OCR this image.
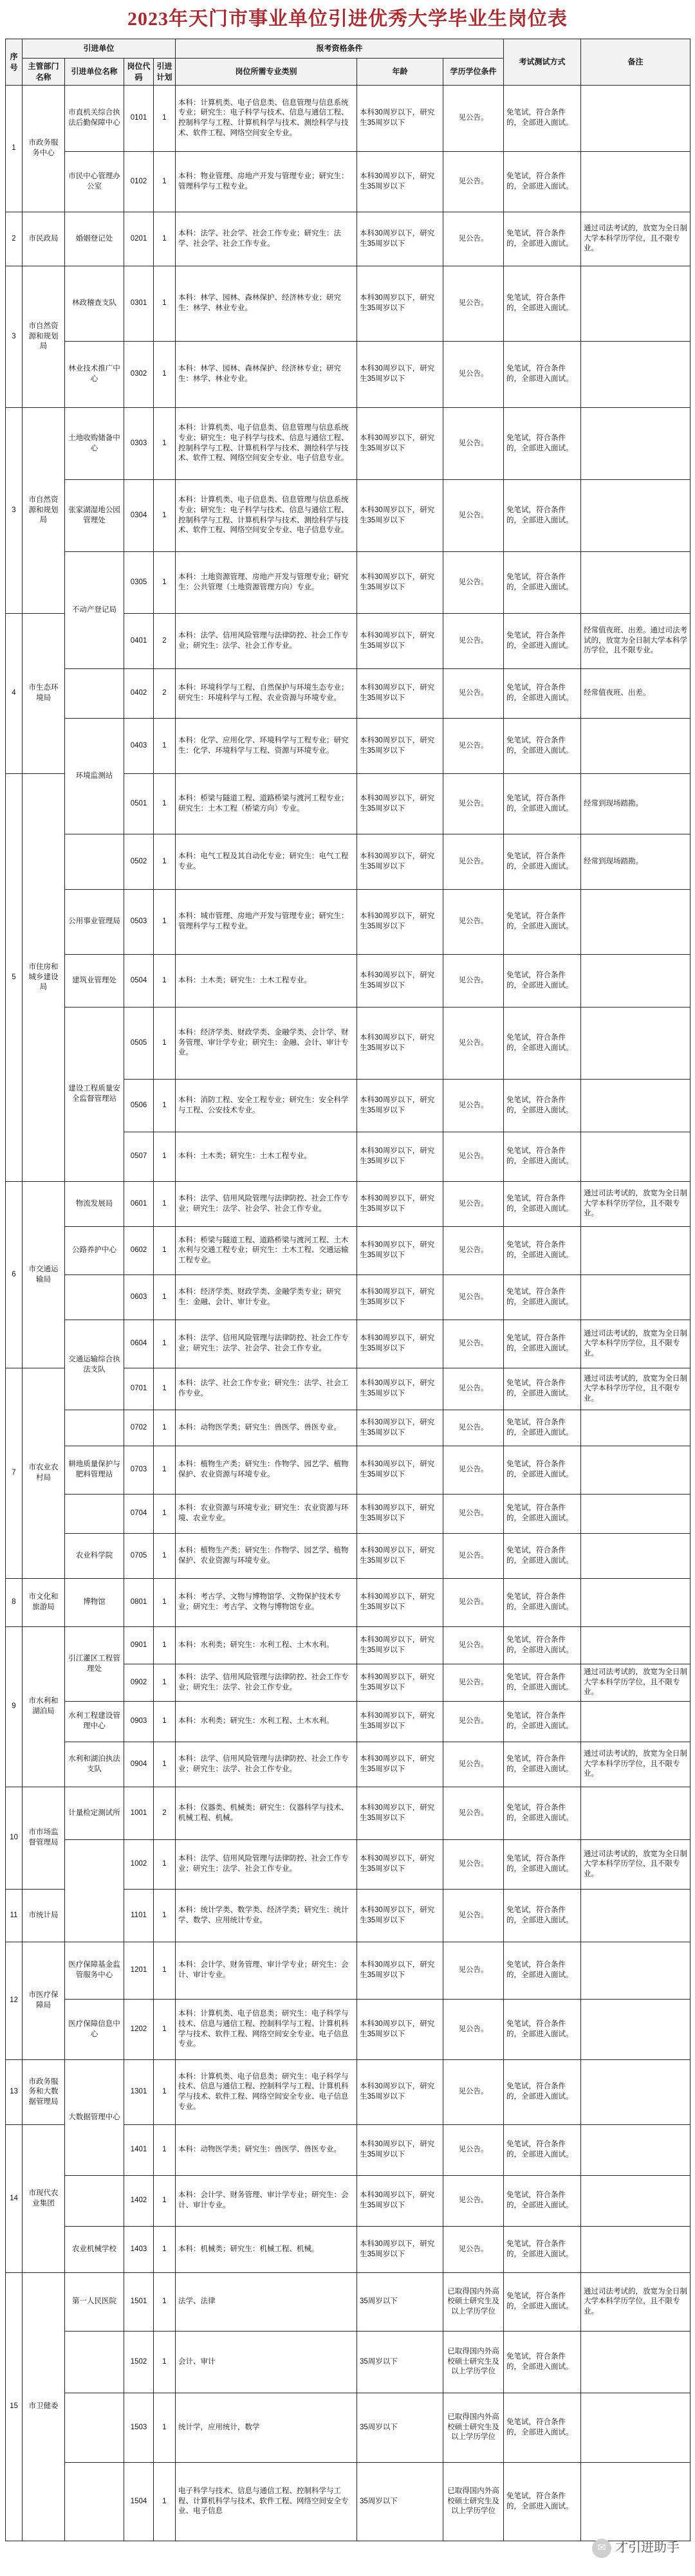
2023年天门市事业单位引进优秀大学毕业生岗位表
序号	引进单位				报考资格条件			考试测试方式	备注
	主管部门名称	引进单位名称	岗位代码	引进计划	岗位所需专业类别	年龄	学历学位条件		
1	市政务服务中心	市直机关综合执法后勤保障中心	0101	1	本科：计算机类、电子信息类、信息管理与信息系统专业；研究生：电子科学与技术、信息与通信工程、控制科学与工程、计算机科学与技术、测绘科学与技术、软件工程、网络空间安全专业。	本科30周岁以下，研究生35周岁以下	见公告。	免笔试，符合条件的，全部进入面试。	
		市民中心管理办公室	0102	1	本科：物业管理、房地产开发与管理专业；研究生：管理科学与工程专业。	本科30周岁以下，研究生35周岁以下	见公告。	免笔试，符合条件的，全部进入面试。	
2	市民政局	婚姻登记处	0201	1	本科：法学、社会学、社会工作专业；研究生：法学、社会学、社会工作专业。	本科30周岁以下，研究生35周岁以下	见公告。	免笔试，符合条件的，全部进入面试。	通过司法考试的，放宽为全日制大学本科学历学位，且不限专业。
3	市自然资源和规划局	林政稽查支队	0301	1	本科：林学、园林、森林保护、经济林专业；研究生：林学、林业专业。	本科30周岁以下，研究生35周岁以下	见公告。	免笔试，符合条件的，全部进入面试。	
		林业技术推广中心	0302	1	本科：林学、园林、森林保护、经济林专业；研究生：林学、林业专业。	本科30周岁以下，研究生35周岁以下	见公告。	免笔试，符合条件的，全部进入面试。	
3	市自然资源和规划局	土地收购储备中心	0303	1	本科：计算机类、电子信息类、信息管理与信息系统专业；研究生：电子科学与技术、信息与通信工程、控制科学与工程、计算机科学与技术、测绘科学与技术、软件工程、网络空间安全专业、电子信息专业。	本科30周岁以下，研究生35周岁以下	见公告。	免笔试，符合条件的，全部进入面试。	
		张家湖湿地公园管理处	0304	1	本科：计算机类、电子信息类、信息管理与信息系统专业；研究生：电子科学与技术、信息与通信工程、控制科学与工程、计算机科学与技术、测绘科学与技术、软件工程、网络空间安全专业、电子信息专业。	本科30周岁以下，研究生35周岁以下	见公告。	免笔试，符合条件的，全部进入面试。	
		不动产登记局	0305	1	本科：土地资源管理、房地产开发与管理专业；研究生：公共管理（土地资源管理方向）专业。	本科30周岁以下，研究生35周岁以下	见公告。	免笔试，符合条件的，全部进入面试。	
4	市生态环境局		0401	2	本科：法学、信用风险管理与法律防控、社会工作专业；研究生：法学、社会工作专业。	本科30周岁以下，研究生35周岁以下	见公告。	免笔试，符合条件的，全部进入面试。	经常值夜班、出差。通过司法考试的，放宽为全日制大学本科学历学位，且不限专业。
			0402	2	本科：环境科学与工程、自然保护与环境生态专业；研究生：环境科学与工程、农业资源与环境专业。	本科30周岁以下，研究生35周岁以下	见公告。	免笔试，符合条件的，全部进入面试。	经常值夜班、出差。
		环境监测站	0403	1	本科：化学、应用化学、环境科学与工程专业；研究生：化学、环境科学与工程、资源与环境专业。	本科30周岁以下，研究生35周岁以下	见公告。	免笔试，符合条件的，全部进入面试。	
5	市住房和城乡建设局		0501	1	本科：桥梁与隧道工程、道路桥梁与渡河工程专业；研究生：土木工程（桥梁方向）专业。	本科30周岁以下，研究生35周岁以下	见公告。	免笔试，符合条件的，全部进入面试。	经常到现场踏勘。
			0502	1	本科：电气工程及其自动化专业；研究生：电气工程专业。	本科30周岁以下，研究生35周岁以下	见公告。	免笔试，符合条件的，全部进入面试。	经常到现场踏勘。
		公用事业管理局	0503	1	本科：城市管理、房地产开发与管理专业；研究生：管理科学与工程专业。	本科30周岁以下，研究生35周岁以下	见公告。	免笔试，符合条件的，全部进入面试。	
		建筑业管理处	0504	1	本科：土木类；研究生：土木工程专业。	本科30周岁以下，研究生35周岁以下	见公告。	免笔试，符合条件的，全部进入面试。	
		建设工程质量安全监督管理站	0505	1	本科：经济学类、财政学类、金融学类、会计学、财务管理、审计学专业；研究生：金融、会计、审计专业。	本科30周岁以下，研究生35周岁以下	见公告。	免笔试，符合条件的，全部进入面试。	
			0506	1	本科：消防工程、安全工程专业；研究生：安全科学与工程、公安技术专业。	本科30周岁以下，研究生35周岁以下	见公告。	免笔试，符合条件的，全部进入面试。	
			0507	1	本科：土木类；研究生：土木工程专业。	本科30周岁以下，研究生35周岁以下	见公告。	免笔试，符合条件的，全部进入面试。	
6	市交通运输局	物流发展局	0601	1	本科：法学、信用风险管理与法律防控、社会工作专业；研究生：法学、社会学、社会工作专业。	本科30周岁以下，研究生35周岁以下	见公告。	免笔试，符合条件的，全部进入面试。	通过司法考试的，放宽为全日制大学本科学历学位，且不限专业。
		公路养护中心	0602	1	本科：桥梁与隧道工程、道路桥梁与渡河工程、土木水利与交通工程专业；研究生：土木工程、交通运输工程专业。	本科30周岁以下，研究生35周岁以下	见公告。	免笔试，符合条件的，全部进入面试。	
			0603	1	本科：经济学类、财政学类、金融学类专业；研究生：金融、会计、审计专业。	本科30周岁以下，研究生35周岁以下	见公告。	免笔试，符合条件的，全部进入面试。	
		交通运输综合执法支队	0604	1	本科：法学、信用风险管理与法律防控、社会工作专业；研究生：法学、社会学、社会工作专业。	本科30周岁以下，研究生35周岁以下	见公告。	免笔试，符合条件的，全部进入面试。	通过司法考试的，放宽为全日制大学本科学历学位，且不限专业。
7	市农业农村局		0701	1	本科：法学、社会工作专业；研究生：法学、社会工作专业。	本科30周岁以下，研究生35周岁以下	见公告。	免笔试，符合条件的，全部进入面试。	通过司法考试的，放宽为全日制大学本科学历学位，且不限专业。
			0702	1	本科：动物医学类；研究生：兽医学、兽医专业。	本科30周岁以下，研究生35周岁以下	见公告。	免笔试，符合条件的，全部进入面试。	
		耕地质量保护与肥料管理站	0703	1	本科：植物生产类；研究生：作物学、园艺学、植物保护、农业资源与环境专业。	本科30周岁以下，研究生35周岁以下	见公告。	免笔试，符合条件的，全部进入面试。	
			0704	1	本科：农业资源与环境专业；研究生：农业资源与环境、农业专业。	本科30周岁以下，研究生35周岁以下	见公告。	免笔试，符合条件的，全部进入面试。	
		农业科学院	0705	1	本科：植物生产类；研究生：作物学、园艺学、植物保护、农业资源与环境专业。	本科30周岁以下，研究生35周岁以下	见公告。	免笔试，符合条件的，全部进入面试。	
8	市文化和旅游局	博物馆	0801	1	本科：考古学、文物与博物馆学、文物保护技术专业；研究生：考古学、文物与博物馆专业。	本科30周岁以下，研究生35周岁以下	见公告。	免笔试，符合条件的，全部进入面试。	
9	市水利和湖泊局	引江灌区工程管理处	0901	1	本科：水利类；研究生：水利工程、土木水利。	本科30周岁以下，研究生35周岁以下	见公告。	免笔试，符合条件的，全部进入面试。	
			0902	1	本科：法学、信用风险管理与法律防控、社会工作专业；研究生：法学、社会工作专业。	本科30周岁以下，研究生35周岁以下	见公告。	免笔试，符合条件的，全部进入面试。	通过司法考试的，放宽为全日制大学本科学历学位，且不限专业。
		水利工程建设管理中心	0903	1	本科：水利类；研究生：水利工程、土木水利。	本科30周岁以下，研究生35周岁以下	见公告。	免笔试，符合条件的，全部进入面试。	
		水利和湖泊执法支队	0904	1	本科：法学、信用风险管理与法律防控、社会工作专业；研究生：法学、社会工作专业。	本科30周岁以下，研究生35周岁以下	见公告。	免笔试，符合条件的，全部进入面试。	通过司法考试的，放宽为全日制大学本科学历学位，且不限专业。
10	市市场监督管理局	计量检定测试所	1001	2	本科：仪器类、机械类；研究生：仪器科学与技术、机械工程、机械。	本科30周岁以下，研究生35周岁以下	见公告。	免笔试，符合条件的，全部进入面试。	
			1002	1	本科：法学、信用风险管理与法律防控、社会工作专业；研究生：法学、社会工作专业。	本科30周岁以下，研究生35周岁以下	见公告。	免笔试，符合条件的，全部进入面试。	通过司法考试的，放宽为全日制大学本科学历学位，且不限专业。
11	市统计局		1101	1	本科：统计学类、数学类、经济学类；研究生：统计学、数学、应用统计专业。	本科30周岁以下，研究生35周岁以下	见公告。	免笔试，符合条件的，全部进入面试。	
12	市医疗保障局	医疗保障基金监管服务中心	1201	1	本科：会计学、财务管理、审计学专业；研究生：会计、审计专业。	本科30周岁以下，研究生35周岁以下	见公告。	免笔试，符合条件的，全部进入面试。	
		医疗保障信息中心	1202	1	本科：计算机类、电子信息类；研究生：电子科学与技术、信息与通信工程、控制科学与工程、计算机科学与技术、软件工程、网络空间安全专业、电子信息专业。	本科30周岁以下，研究生35周岁以下	见公告。	免笔试，符合条件的，全部进入面试。	
13	市政务服务和大数据管理局	大数据管理中心	1301	1	本科：计算机类、电子信息类；研究生：电子科学与技术、信息与通信工程、控制科学与工程、计算机科学与技术、软件工程、网络空间安全专业、电子信息专业。	本科30周岁以下，研究生35周岁以下	见公告。	免笔试，符合条件的，全部进入面试。	
14	市现代农业集团		1401	1	本科：动物医学类；研究生：兽医学、兽医专业。	本科30周岁以下，研究生35周岁以下	见公告。	免笔试，符合条件的，全部进入面试。	
			1402	1	本科：会计学、财务管理、审计学专业；研究生：会计、审计专业。	本科30周岁以下，研究生35周岁以下	见公告。	免笔试，符合条件的，全部进入面试。	
		农业机械学校	1403	1	本科：机械类；研究生：机械工程、机械。	本科30周岁以下，研究生35周岁以下	见公告。	免笔试，符合条件的，全部进入面试。	
15	市卫健委	第一人民医院	1501	1	法学、法律	35周岁以下	已取得国内外高校硕士研究生及以上学历学位	免笔试，符合条件的，全部进入面试。	通过司法考试的，放宽为全日制大学本科学历学位，且不限专业。
			1502	1	会计、审计	35周岁以下	已取得国内外高校硕士研究生及以上学历学位	免笔试，符合条件的，全部进入面试。	
			1503	1	统计学，应用统计，数学	35周岁以下	已取得国内外高校硕士研究生及以上学历学位	免笔试，符合条件的，全部进入面试。	
			1504	1	电子科学与技术、信息与通信工程、控制科学与工程、计算机科学与技术、软件工程、网络空间安全专业、电子信息	35周岁以下	已取得国内外高校硕士研究生及以上学历学位	免笔试，符合条件的，全部进入面试。	
✉ 才引进助手
